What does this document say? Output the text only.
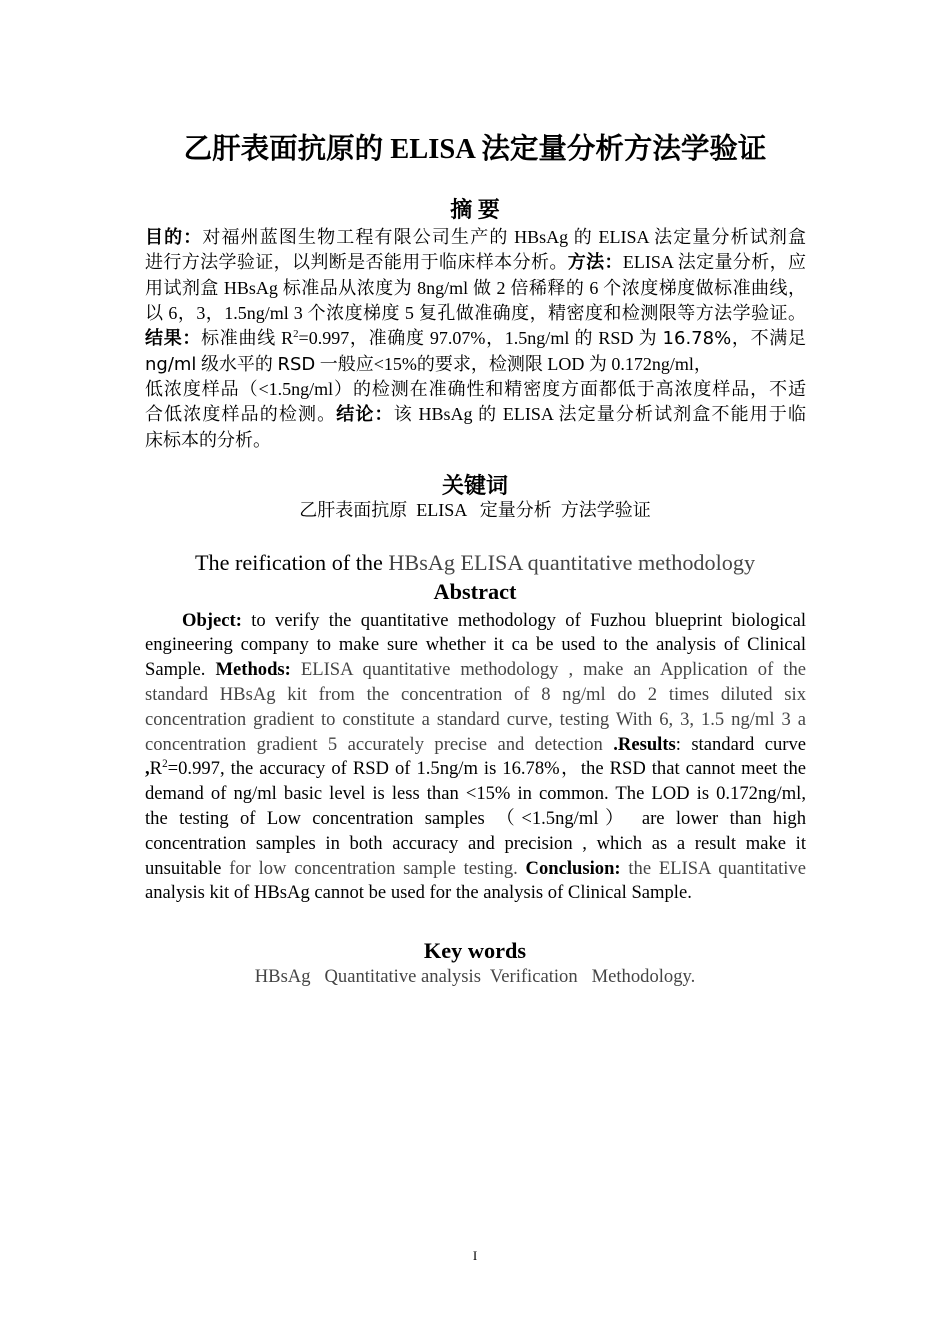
乙肝表面抗原的 ELISA 法定量分析方法学验证
摘 要
目的：对福州蓝图生物工程有限公司生产的 HBsAg 的 ELISA 法定量分析试剂盒
进行方法学验证，以判断是否能用于临床样本分析。方法：ELISA 法定量分析，应
用试剂盒 HBsAg 标准品从浓度为 8ng/ml 做 2 倍稀释的 6 个浓度梯度做标准曲线，
以 6，3，1.5ng/ml 3 个浓度梯度 5 复孔做准确度，精密度和检测限等方法学验证。
结果：标准曲线 $R^2=0.997$，准确度 97.07%，1.5ng/ml 的 RSD 为 16.78%，不满足
ng/ml 级水平的 RSD 一般应<15%的要求，检测限 LOD 为 0.172ng/ml，
低浓度样品（<1.5ng/ml）的检测在准确性和精密度方面都低于高浓度样品，不适
合低浓度样品的检测。结论：该 HBsAg 的 ELISA 法定量分析试剂盒不能用于临
床标本的分析。
关键词
乙肝表面抗原  ELISA   定量分析  方法学验证
The reification of the HBsAg ELISA quantitative methodology
Abstract
Object: to verify the quantitative methodology of Fuzhou blueprint biological
engineering company to make sure whether it ca be used to the analysis of Clinical
Sample. Methods: ELISA quantitative methodology , make an Application of the
standard HBsAg kit from the concentration of 8 ng/ml do 2 times diluted six
concentration gradient to constitute a standard curve, testing With 6, 3, 1.5 ng/ml 3 a
concentration gradient 5 accurately precise and detection .Results: standard curve
$,R^2=0.997$, the accuracy of RSD of 1.5ng/m is 16.78%，the RSD that cannot meet the
demand of ng/ml basic level is less than <15% in common. The LOD is 0.172ng/ml,
the testing of Low concentration samples （<1.5ng/ml） are lower than high
concentration samples in both accuracy and precision , which as a result make it
unsuitable for low concentration sample testing. Conclusion: the ELISA quantitative
analysis kit of HBsAg cannot be used for the analysis of Clinical Sample.
Key words
HBsAg   Quantitative analysis  Verification   Methodology.
I
